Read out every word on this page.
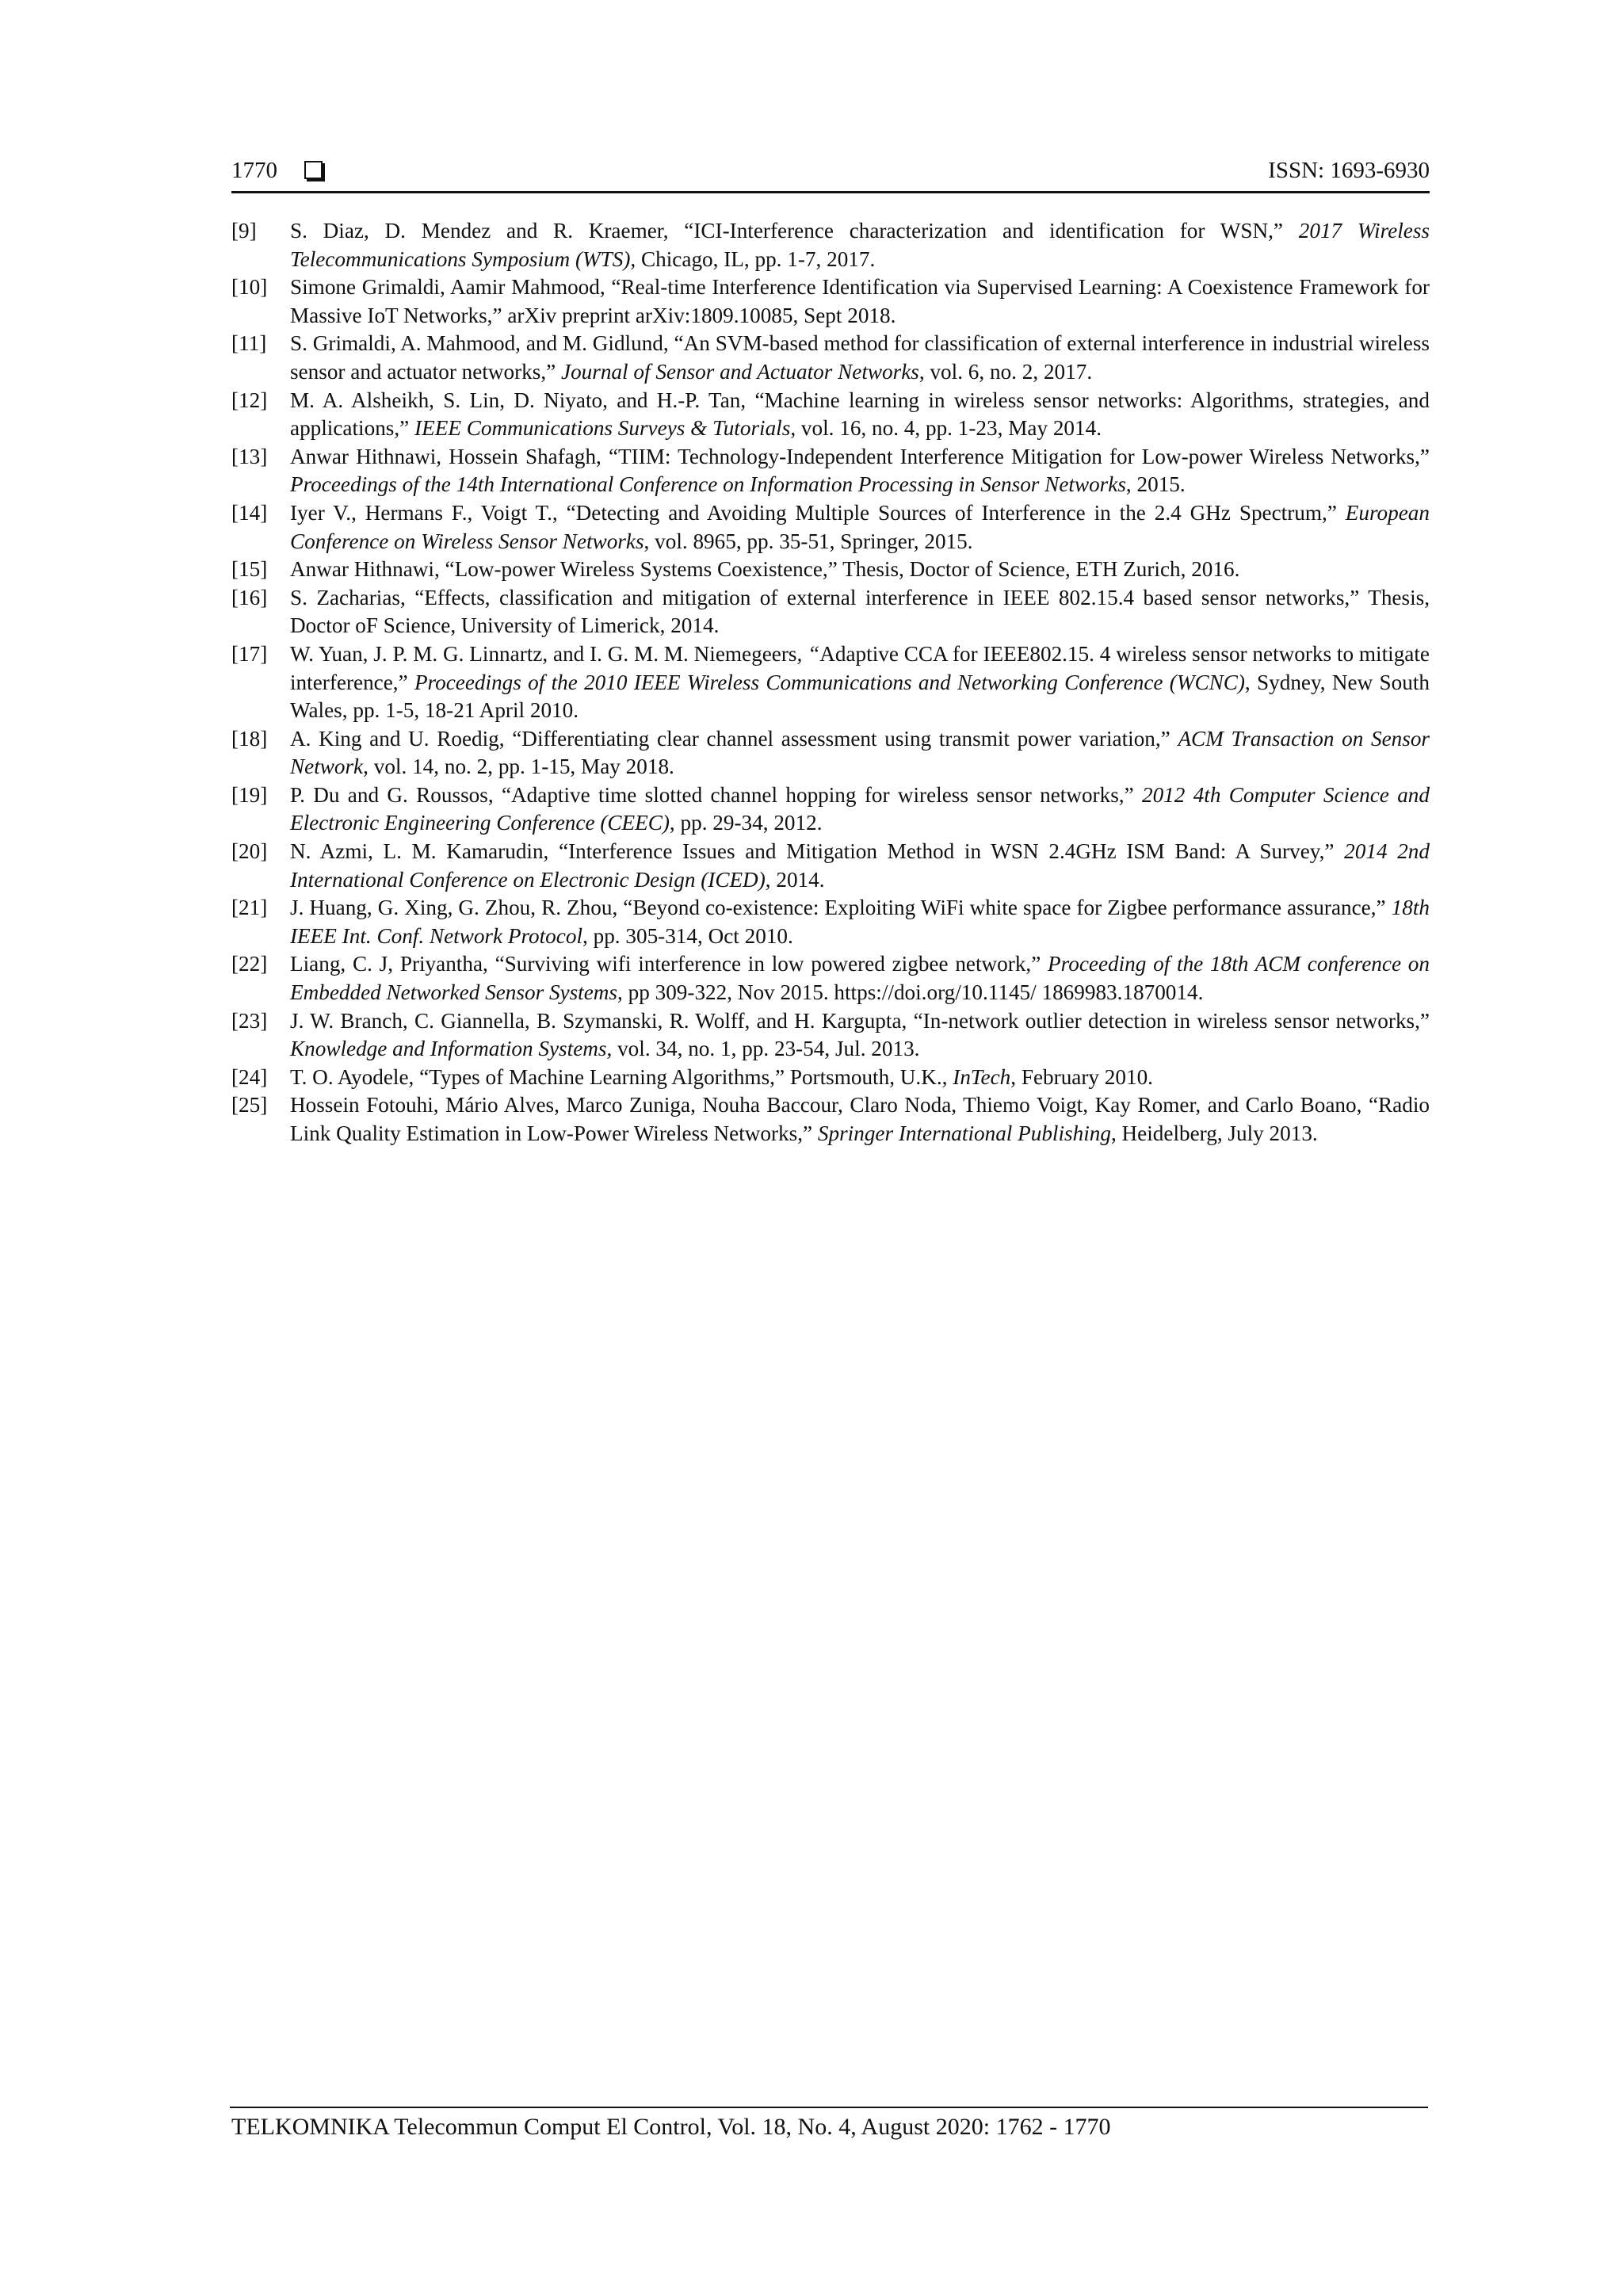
1770	ISSN: 1693-6930
[9] S. Diaz, D. Mendez and R. Kraemer, “ICI-Interference characterization and identification for WSN,” 2017 Wireless Telecommunications Symposium (WTS), Chicago, IL, pp. 1-7, 2017.
[10] Simone Grimaldi, Aamir Mahmood, “Real-time Interference Identification via Supervised Learning: A Coexistence Framework for Massive IoT Networks,” arXiv preprint arXiv:1809.10085, Sept 2018.
[11] S. Grimaldi, A. Mahmood, and M. Gidlund, “An SVM-based method for classification of external interference in industrial wireless sensor and actuator networks,” Journal of Sensor and Actuator Networks, vol. 6, no. 2, 2017.
[12] M. A. Alsheikh, S. Lin, D. Niyato, and H.-P. Tan, “Machine learning in wireless sensor networks: Algorithms, strategies, and applications,” IEEE Communications Surveys & Tutorials, vol. 16, no. 4, pp. 1-23, May 2014.
[13] Anwar Hithnawi, Hossein Shafagh, “TIIM: Technology-Independent Interference Mitigation for Low-power Wireless Networks,” Proceedings of the 14th International Conference on Information Processing in Sensor Networks, 2015.
[14] Iyer V., Hermans F., Voigt T., “Detecting and Avoiding Multiple Sources of Interference in the 2.4 GHz Spectrum,” European Conference on Wireless Sensor Networks, vol. 8965, pp. 35-51, Springer, 2015.
[15] Anwar Hithnawi, “Low-power Wireless Systems Coexistence,” Thesis, Doctor of Science, ETH Zurich, 2016.
[16] S. Zacharias, “Effects, classification and mitigation of external interference in IEEE 802.15.4 based sensor networks,” Thesis, Doctor oF Science, University of Limerick, 2014.
[17] W. Yuan, J. P. M. G. Linnartz, and I. G. M. M. Niemegeers, “Adaptive CCA for IEEE802.15. 4 wireless sensor networks to mitigate interference,” Proceedings of the 2010 IEEE Wireless Communications and Networking Conference (WCNC), Sydney, New South Wales, pp. 1-5, 18-21 April 2010.
[18] A. King and U. Roedig, “Differentiating clear channel assessment using transmit power variation,” ACM Transaction on Sensor Network, vol. 14, no. 2, pp. 1-15, May 2018.
[19] P. Du and G. Roussos, “Adaptive time slotted channel hopping for wireless sensor networks,” 2012 4th Computer Science and Electronic Engineering Conference (CEEC), pp. 29-34, 2012.
[20] N. Azmi, L. M. Kamarudin, “Interference Issues and Mitigation Method in WSN 2.4GHz ISM Band: A Survey,” 2014 2nd International Conference on Electronic Design (ICED), 2014.
[21] J. Huang, G. Xing, G. Zhou, R. Zhou, “Beyond co-existence: Exploiting WiFi white space for Zigbee performance assurance,” 18th IEEE Int. Conf. Network Protocol, pp. 305-314, Oct 2010.
[22] Liang, C. J, Priyantha, “Surviving wifi interference in low powered zigbee network,” Proceeding of the 18th ACM conference on Embedded Networked Sensor Systems, pp 309-322, Nov 2015. https://doi.org/10.1145/ 1869983.1870014.
[23] J. W. Branch, C. Giannella, B. Szymanski, R. Wolff, and H. Kargupta, “In-network outlier detection in wireless sensor networks,” Knowledge and Information Systems, vol. 34, no. 1, pp. 23-54, Jul. 2013.
[24] T. O. Ayodele, “Types of Machine Learning Algorithms,” Portsmouth, U.K., InTech, February 2010.
[25] Hossein Fotouhi, Mário Alves, Marco Zuniga, Nouha Baccour, Claro Noda, Thiemo Voigt, Kay Romer, and Carlo Boano, “Radio Link Quality Estimation in Low-Power Wireless Networks,” Springer International Publishing, Heidelberg, July 2013.
TELKOMNIKA Telecommun Comput El Control, Vol. 18, No. 4, August 2020: 1762 - 1770
